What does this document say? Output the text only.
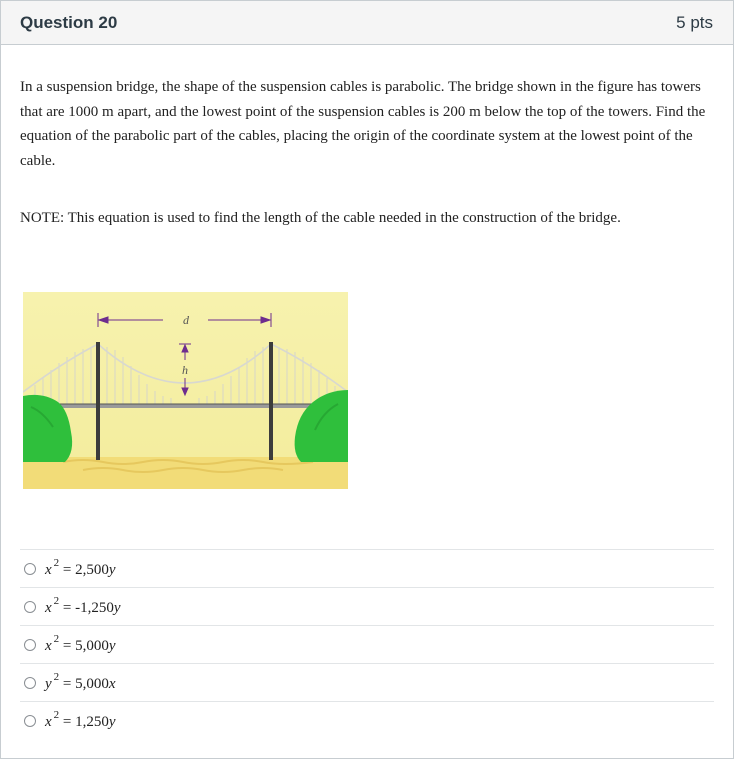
Question 20	5 pts

In a suspension bridge, the shape of the suspension cables is parabolic. The bridge shown in the figure has towers that are 1000 m apart, and the lowest point of the suspension cables is 200 m below the top of the towers. Find the equation of the parabolic part of the cables, placing the origin of the coordinate system at the lowest point of the cable.

NOTE: This equation is used to find the length of the cable needed in the construction of the bridge.

d
h
x $^2$ = 2,500y
x $^2$ = -1,250y
x $^2$ = 5,000y
y $^2$ = 5,000x
x $^2$ = 1,250y
